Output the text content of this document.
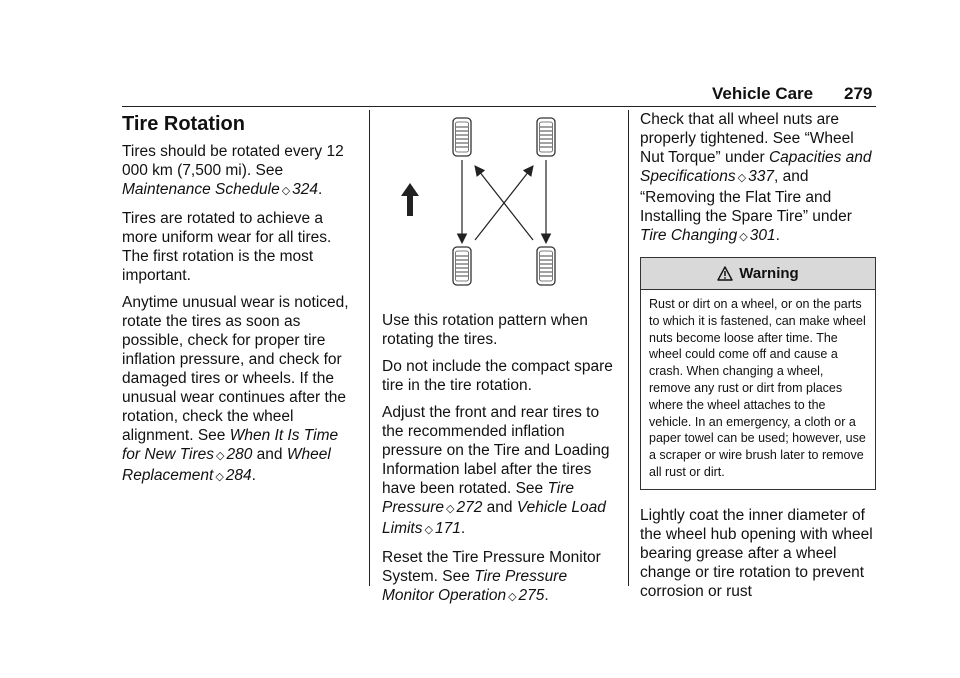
Vehicle Care 279
Tire Rotation

Tires should be rotated every 12 000 km (7,500 mi). See Maintenance Schedule ◇ 324.

Tires are rotated to achieve a more uniform wear for all tires. The first rotation is the most important.

Anytime unusual wear is noticed, rotate the tires as soon as possible, check for proper tire inflation pressure, and check for damaged tires or wheels. If the unusual wear continues after the rotation, check the wheel alignment. See When It Is Time for New Tires ◇ 280 and Wheel Replacement ◇ 284.

Use this rotation pattern when rotating the tires.

Do not include the compact spare tire in the tire rotation.

Adjust the front and rear tires to the recommended inflation pressure on the Tire and Loading Information label after the tires have been rotated. See Tire Pressure ◇ 272 and Vehicle Load Limits ◇ 171.

Reset the Tire Pressure Monitor System. See Tire Pressure Monitor Operation ◇ 275.

Check that all wheel nuts are properly tightened. See “Wheel Nut Torque” under Capacities and Specifications ◇ 337, and “Removing the Flat Tire and Installing the Spare Tire” under Tire Changing ◇ 301.

Warning
Rust or dirt on a wheel, or on the parts to which it is fastened, can make wheel nuts become loose after time. The wheel could come off and cause a crash. When changing a wheel, remove any rust or dirt from places where the wheel attaches to the vehicle. In an emergency, a cloth or a paper towel can be used; however, use a scraper or wire brush later to remove all rust or dirt.

Lightly coat the inner diameter of the wheel hub opening with wheel bearing grease after a wheel change or tire rotation to prevent corrosion or rust
